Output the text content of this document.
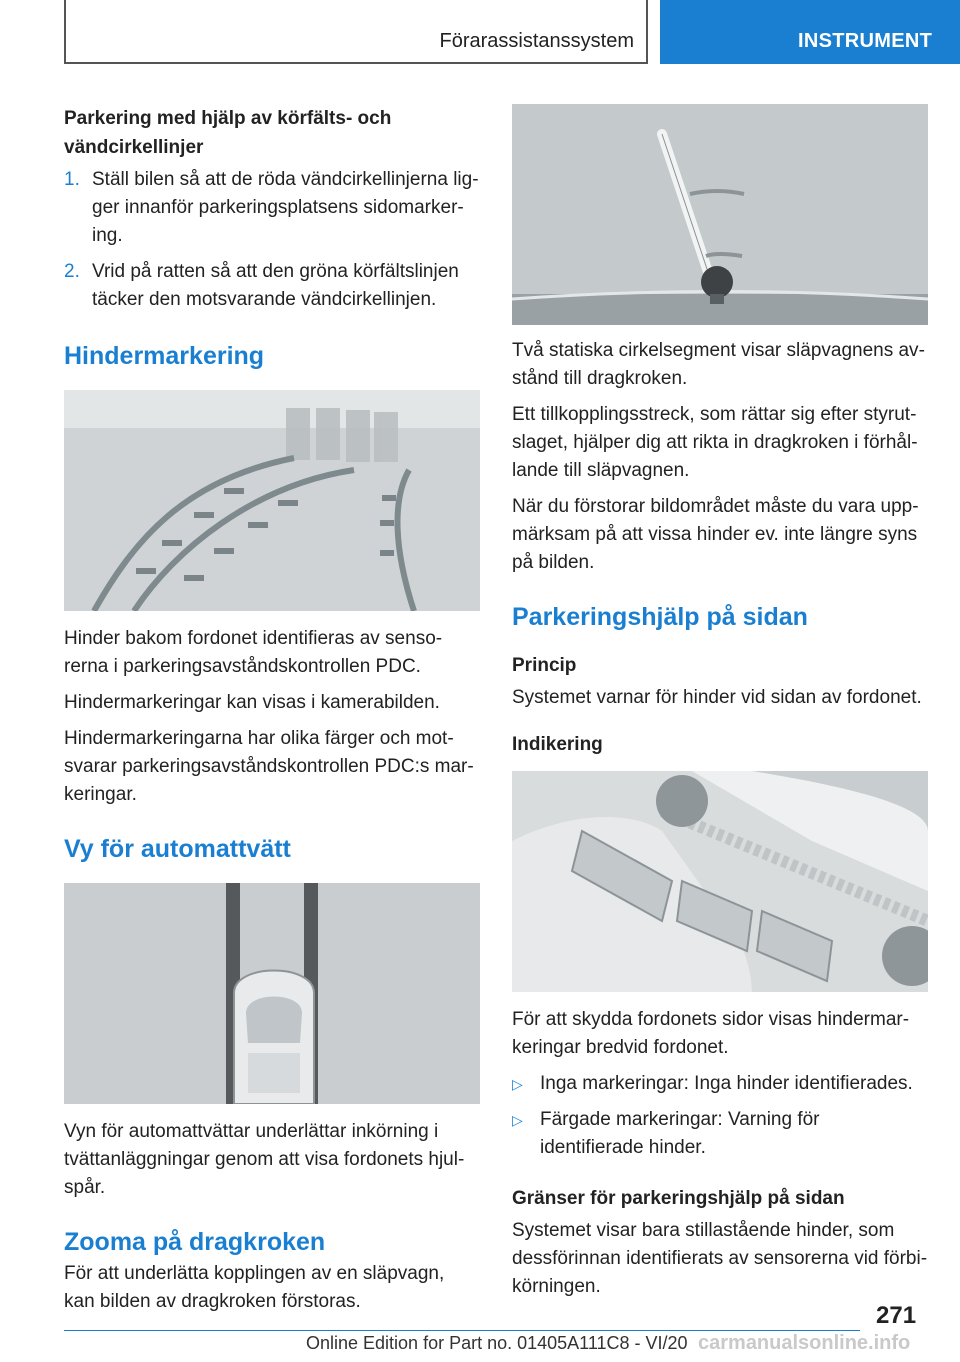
Förarassistanssystem	INSTRUMENT
Parkering med hjälp av körfälts- och vändcirkellinjer
1. Ställ bilen så att de röda vändcirkellinjerna ligger innanför parkeringsplatsens sidomarkering.
2. Vrid på ratten så att den gröna körfältslinjen täcker den motsvarande vändcirkellinjen.
Hindermarkering
Hinder bakom fordonet identifieras av sensorerna i parkeringsavståndskontrollen PDC.
Hindermarkeringar kan visas i kamerabilden.
Hindermarkeringarna har olika färger och motsvarar parkeringsavståndskontrollen PDC:s markeringar.
Vy för automattvätt
Vyn för automattvättar underlättar inkörning i tvättanläggningar genom att visa fordonets hjulspår.
Zooma på dragkroken
För att underlätta kopplingen av en släpvagn, kan bilden av dragkroken förstoras.
Två statiska cirkelsegment visar släpvagnens avstånd till dragkroken.
Ett tillkopplingsstreck, som rättar sig efter styrutslaget, hjälper dig att rikta in dragkroken i förhållande till släpvagnen.
När du förstorar bildområdet måste du vara uppmärksam på att vissa hinder ev. inte längre syns på bilden.
Parkeringshjälp på sidan
Princip
Systemet varnar för hinder vid sidan av fordonet.
Indikering
För att skydda fordonets sidor visas hindermarkeringar bredvid fordonet.
▷ Inga markeringar: Inga hinder identifierades.
▷ Färgade markeringar: Varning för identifierade hinder.
Gränser för parkeringshjälp på sidan
Systemet visar bara stillastående hinder, som dessförinnan identifierats av sensorerna vid förbikörningen.
271
Online Edition for Part no. 01405A111C8 - VI/20 carmanualsonline.info
